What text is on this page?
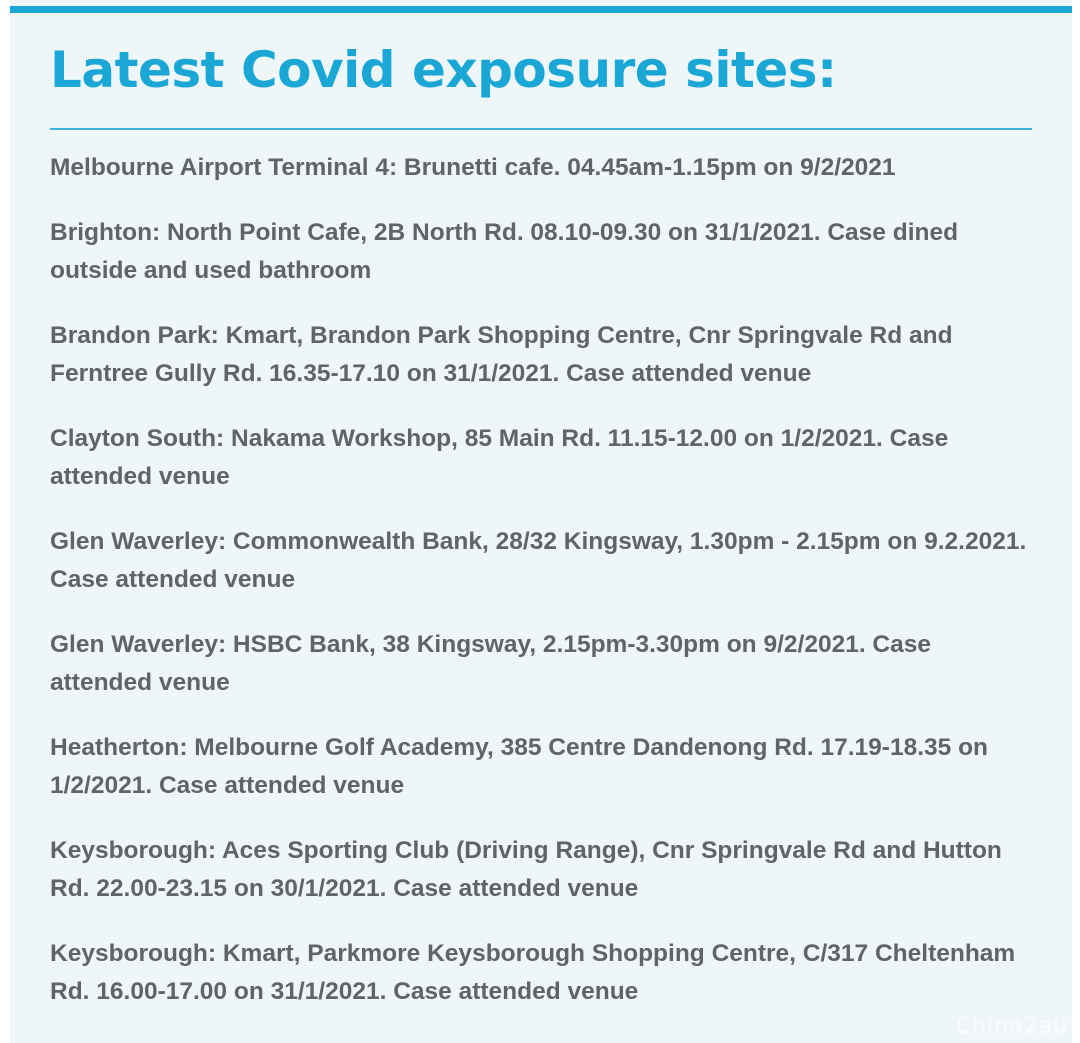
Latest Covid exposure sites:
Melbourne Airport Terminal 4: Brunetti cafe. 04.45am-1.15pm on 9/2/2021
Brighton: North Point Cafe, 2B North Rd. 08.10-09.30 on 31/1/2021. Case dined outside and used bathroom
Brandon Park: Kmart, Brandon Park Shopping Centre, Cnr Springvale Rd and Ferntree Gully Rd. 16.35-17.10 on 31/1/2021. Case attended venue
Clayton South: Nakama Workshop, 85 Main Rd. 11.15-12.00 on 1/2/2021. Case attended venue
Glen Waverley: Commonwealth Bank, 28/32 Kingsway, 1.30pm - 2.15pm on 9.2.2021. Case attended venue
Glen Waverley: HSBC Bank, 38 Kingsway, 2.15pm-3.30pm on 9/2/2021. Case attended venue
Heatherton: Melbourne Golf Academy, 385 Centre Dandenong Rd. 17.19-18.35 on 1/2/2021. Case attended venue
Keysborough: Aces Sporting Club (Driving Range), Cnr Springvale Rd and Hutton Rd. 22.00-23.15 on 30/1/2021. Case attended venue
Keysborough: Kmart, Parkmore Keysborough Shopping Centre, C/317 Cheltenham Rd. 16.00-17.00 on 31/1/2021. Case attended venue
Chinа2au
